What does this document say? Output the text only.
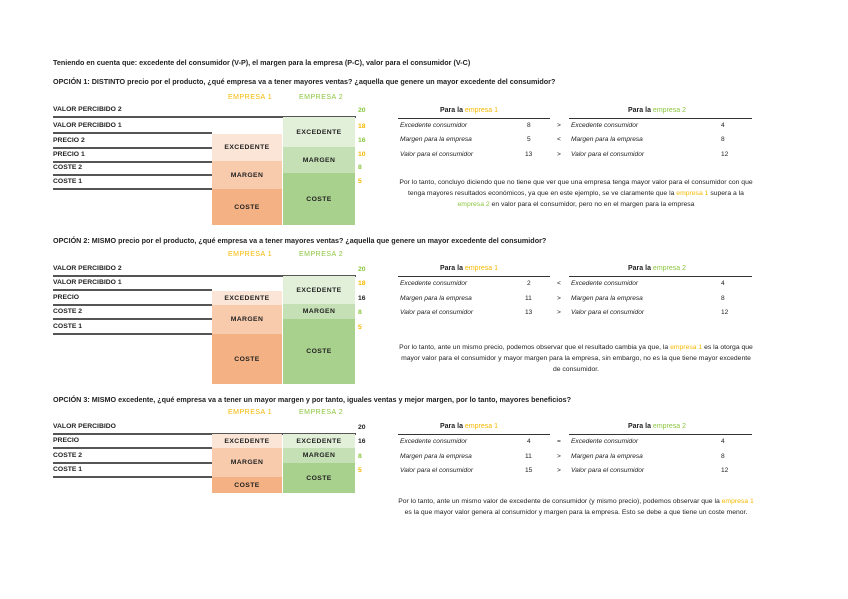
Teniendo en cuenta que: excedente del consumidor (V-P), el margen para la empresa (P-C), valor para el consumidor (V-C)
OPCIÓN 1: DISTINTO precio por el producto, ¿qué empresa va a tener mayores ventas? ¿aquella que genere un mayor excedente del consumidor?
EMPRESA 1	EMPRESA 2
VALOR PERCIBIDO 2
VALOR PERCIBIDO 1
PRECIO 2
PRECIO 1
COSTE 2
COSTE 1
EXCEDENTE
MARGEN
COSTE
EXCEDENTE
MARGEN
COSTE
20
18
16
10
8
5
Para la empresa 1	Para la empresa 2
Excedente consumidor	8	> Excedente consumidor	4
Margen para la empresa	5	< Margen para la empresa	8
Valor para el consumidor	13	> Valor para el consumidor	12
Por lo tanto, concluyo diciendo que no tiene que ver que una empresa tenga mayor valor para el consumidor con que tenga mayores resultados económicos, ya que en este ejemplo, se ve claramente que la empresa 1 supera a la empresa 2 en valor para el consumidor, pero no en el margen para la empresa
OPCIÓN 2: MISMO precio por el producto, ¿qué empresa va a tener mayores ventas? ¿aquella que genere un mayor excedente del consumidor?
EMPRESA 1	EMPRESA 2
VALOR PERCIBIDO 2
VALOR PERCIBIDO 1
PRECIO
COSTE 2
COSTE 1
EXCEDENTE
MARGEN
COSTE
EXCEDENTE
MARGEN
COSTE
20
18
16
8
5
Para la empresa 1	Para la empresa 2
Excedente consumidor	2	< Excedente consumidor	4
Margen para la empresa	11	> Margen para la empresa	8
Valor para el consumidor	13	> Valor para el consumidor	12
Por lo tanto, ante un mismo precio, podemos observar que el resultado cambia ya que, la empresa 1 es la otorga que mayor valor para el consumidor y mayor margen para la empresa, sin embargo, no es la que tiene mayor excedente de consumidor.
OPCIÓN 3: MISMO excedente, ¿qué empresa va a tener un mayor margen y por tanto, iguales ventas y mejor margen, por lo tanto, mayores beneficios?
EMPRESA 1	EMPRESA 2
VALOR PERCIBIDO
PRECIO
COSTE 2
COSTE 1
EXCEDENTE
MARGEN
COSTE
EXCEDENTE
MARGEN
COSTE
20
16
8
5
Para la empresa 1	Para la empresa 2
Excedente consumidor	4	= Excedente consumidor	4
Margen para la empresa	11	> Margen para la empresa	8
Valor para el consumidor	15	> Valor para el consumidor	12
Por lo tanto, ante un mismo valor de excedente de consumidor (y mismo precio), podemos observar que la empresa 1 es la que mayor valor genera al consumidor y margen para la empresa. Esto se debe a que tiene un coste menor.
